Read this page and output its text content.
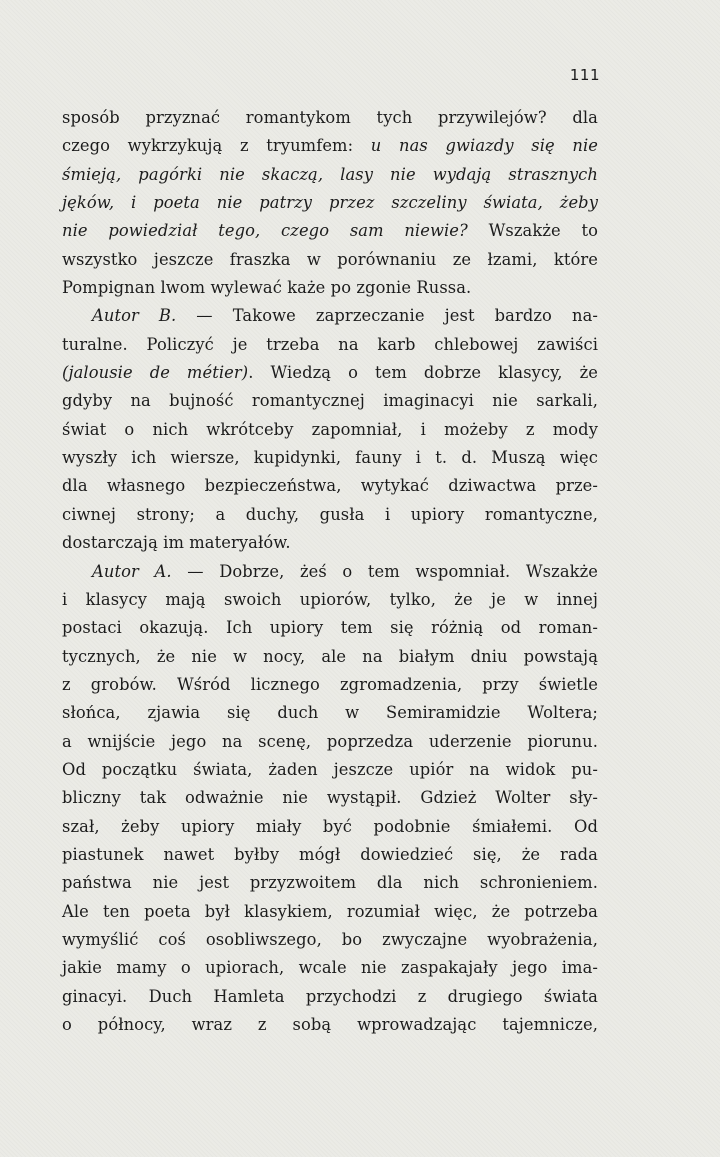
111
sposób przyznać romantykom tych przywilejów? dla
czego wykrzykują z tryumfem: u nas gwiazdy się nie
śmieją, pagórki nie skaczą, lasy nie wydają strasznych
jęków, i poeta nie patrzy przez szczeliny świata, żeby
nie powiedział tego, czego sam niewie? Wszakże to
wszystko jeszcze fraszka w porównaniu ze łzami, które
Pompignan lwom wylewać każe po zgonie Russa.
Autor B. — Takowe zaprzeczanie jest bardzo na-
turalne. Policzyć je trzeba na karb chlebowej zawiści
(jalousie de métier). Wiedzą o tem dobrze klasycy, że
gdyby na bujność romantycznej imaginacyi nie sarkali,
świat o nich wkrótceby zapomniał, i możeby z mody
wyszły ich wiersze, kupidynki, fauny i t. d. Muszą więc
dla własnego bezpieczeństwa, wytykać dziwactwa prze-
ciwnej strony; a duchy, gusła i upiory romantyczne,
dostarczają im materyałów.
Autor A. — Dobrze, żeś o tem wspomniał. Wszakże
i klasycy mają swoich upiorów, tylko, że je w innej
postaci okazują. Ich upiory tem się różnią od roman-
tycznych, że nie w nocy, ale na białym dniu powstają
z grobów. Wśród licznego zgromadzenia, przy świetle
słońca, zjawia się duch w Semiramidzie Woltera;
a wnijście jego na scenę, poprzedza uderzenie piorunu.
Od początku świata, żaden jeszcze upiór na widok pu-
bliczny tak odważnie nie wystąpił. Gdzież Wolter sły-
szał, żeby upiory miały być podobnie śmiałemi. Od
piastunek nawet byłby mógł dowiedzieć się, że rada
państwa nie jest przyzwoitem dla nich schronieniem.
Ale ten poeta był klasykiem, rozumiał więc, że potrzeba
wymyślić coś osobliwszego, bo zwyczajne wyobrażenia,
jakie mamy o upiorach, wcale nie zaspakajały jego ima-
ginacyi. Duch Hamleta przychodzi z drugiego świata
o północy, wraz z sobą wprowadzając tajemnicze,
